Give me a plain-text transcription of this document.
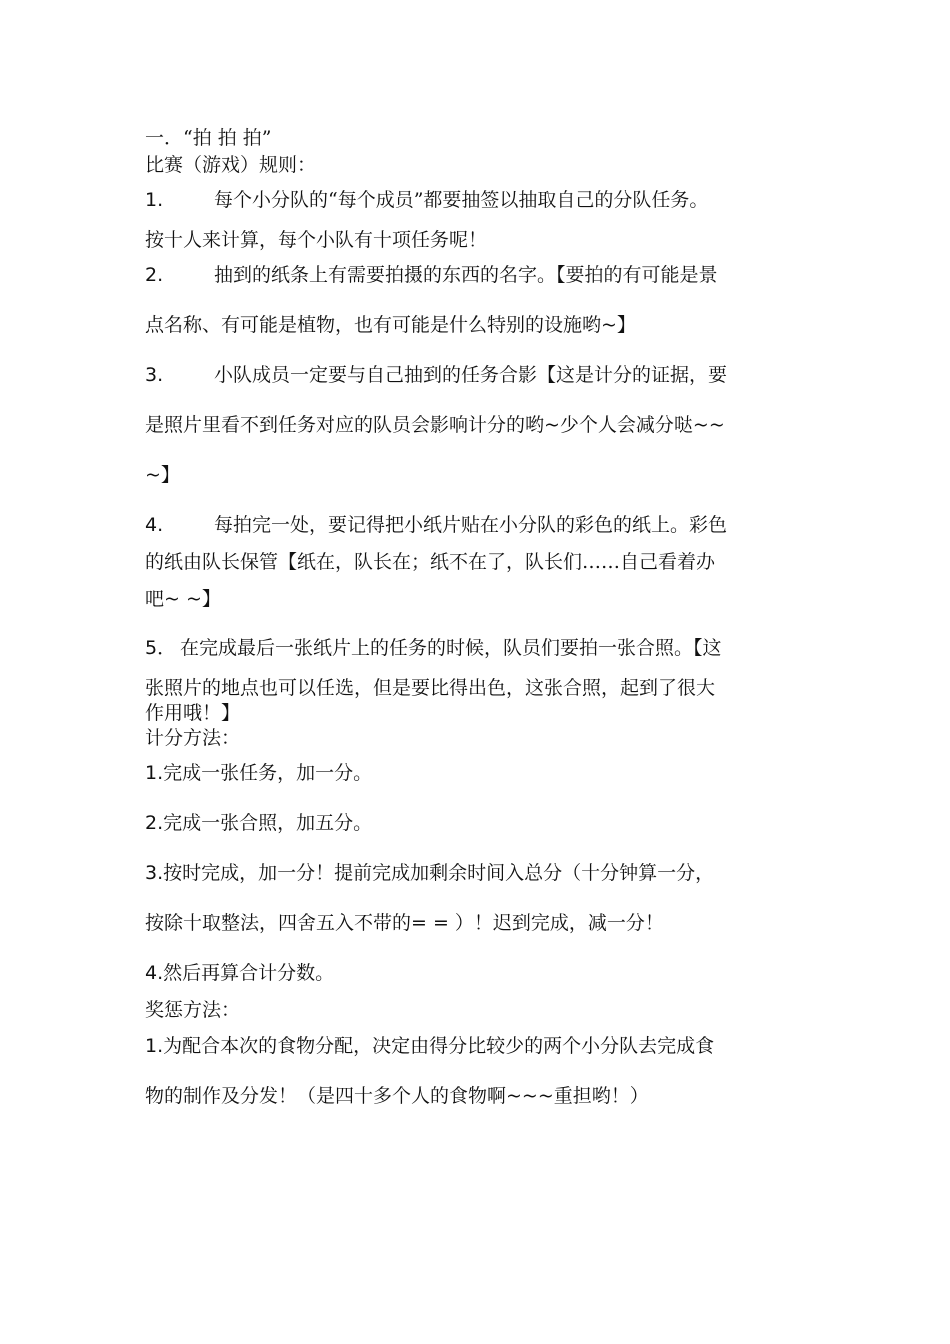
一．“拍 拍 拍”

比赛（游戏）规则：

1.	每个小分队的“每个成员”都要抽签以抽取自己的分队任务。

按十人来计算，每个小队有十项任务呢！

2.	抽到的纸条上有需要拍摄的东西的名字。【要拍的有可能是景

点名称、有可能是植物，也有可能是什么特别的设施哟~】

3.	小队成员一定要与自己抽到的任务合影【这是计分的证据，要

是照片里看不到任务对应的队员会影响计分的哟~少个人会减分哒~~

~】

4.	每拍完一处，要记得把小纸片贴在小分队的彩色的纸上。彩色

的纸由队长保管【纸在，队长在；纸不在了，队长们……自己看着办

吧~ ~】

5． 在完成最后一张纸片上的任务的时候，队员们要拍一张合照。【这

张照片的地点也可以任选，但是要比得出色，这张合照，起到了很大

作用哦！】

计分方法：

1.完成一张任务，加一分。

2.完成一张合照，加五分。

3.按时完成，加一分！提前完成加剩余时间入总分（十分钟算一分，

按除十取整法，四舍五入不带的= = ）！迟到完成，减一分！

4.然后再算合计分数。

奖惩方法：

1.为配合本次的食物分配，决定由得分比较少的两个小分队去完成食

物的制作及分发！（是四十多个人的食物啊~~~重担哟！）
